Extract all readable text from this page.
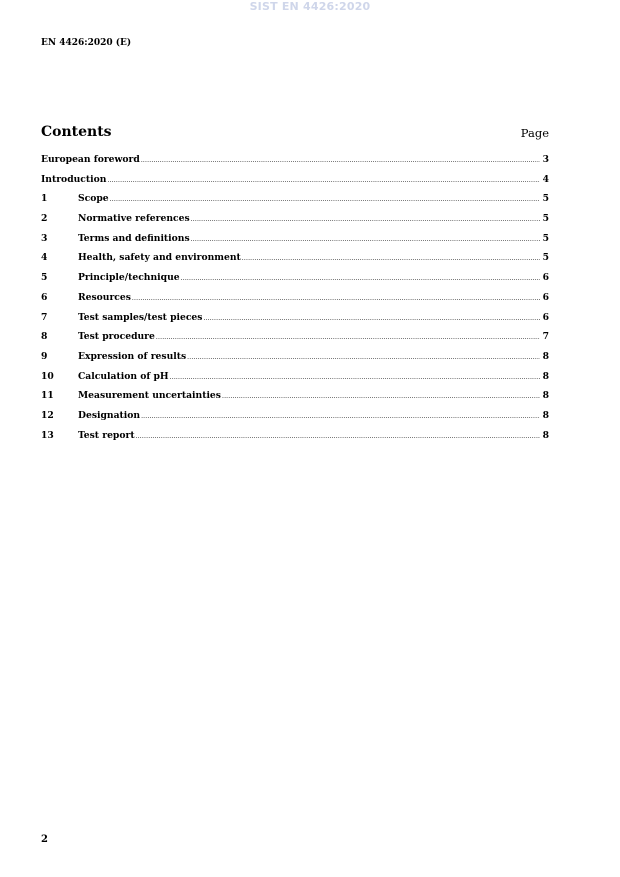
SIST EN 4426:2020
EN 4426:2020 (E)
Contents	Page
European foreword .....	3
Introduction .....	4
1	Scope .....	5
2	Normative references .....	5
3	Terms and definitions .....	5
4	Health, safety and environment .....	5
5	Principle/technique .....	6
6	Resources .....	6
7	Test samples/test pieces .....	6
8	Test procedure .....	7
9	Expression of results .....	8
10	Calculation of pH .....	8
11	Measurement uncertainties .....	8
12	Designation .....	8
13	Test report .....	8
2
